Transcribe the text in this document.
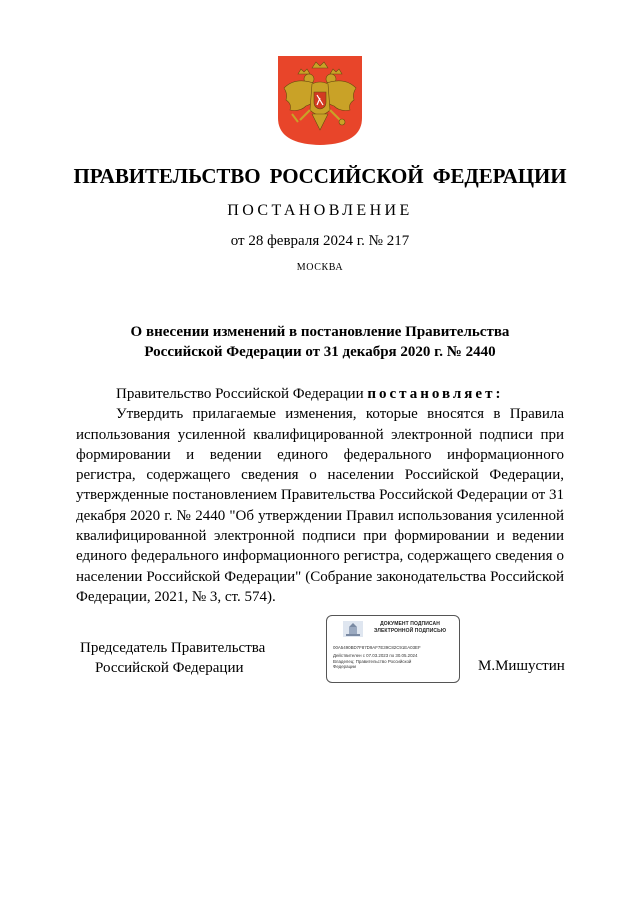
ПРАВИТЕЛЬСТВО РОССИЙСКОЙ ФЕДЕРАЦИИ
ПОСТАНОВЛЕНИЕ
от 28 февраля 2024 г. № 217
МОСКВА
О внесении изменений в постановление Правительства
Российской Федерации от 31 декабря 2020 г. № 2440
Правительство Российской Федерации постановляет:
Утвердить прилагаемые изменения, которые вносятся в Правила использования усиленной квалифицированной электронной подписи при формировании и ведении единого федерального информационного регистра, содержащего сведения о населении Российской Федерации, утвержденные постановлением Правительства Российской Федерации от 31 декабря 2020 г. № 2440 "Об утверждении Правил использования усиленной квалифицированной электронной подписи при формировании и ведении единого федерального информационного регистра, содержащего сведения о населении Российской Федерации" (Собрание законодательства Российской Федерации, 2021, № 3, ст. 574).
Председатель Правительства
Российской Федерации
ДОКУМЕНТ ПОДПИСАН
ЭЛЕКТРОННОЙ ПОДПИСЬЮ
00A5490BD7F87D9AF7E39C82C91EA03EF
Действителен с 07.03.2023 по 30.05.2024
Владелец: Правительство Российской Федерации	М.Мишустин
